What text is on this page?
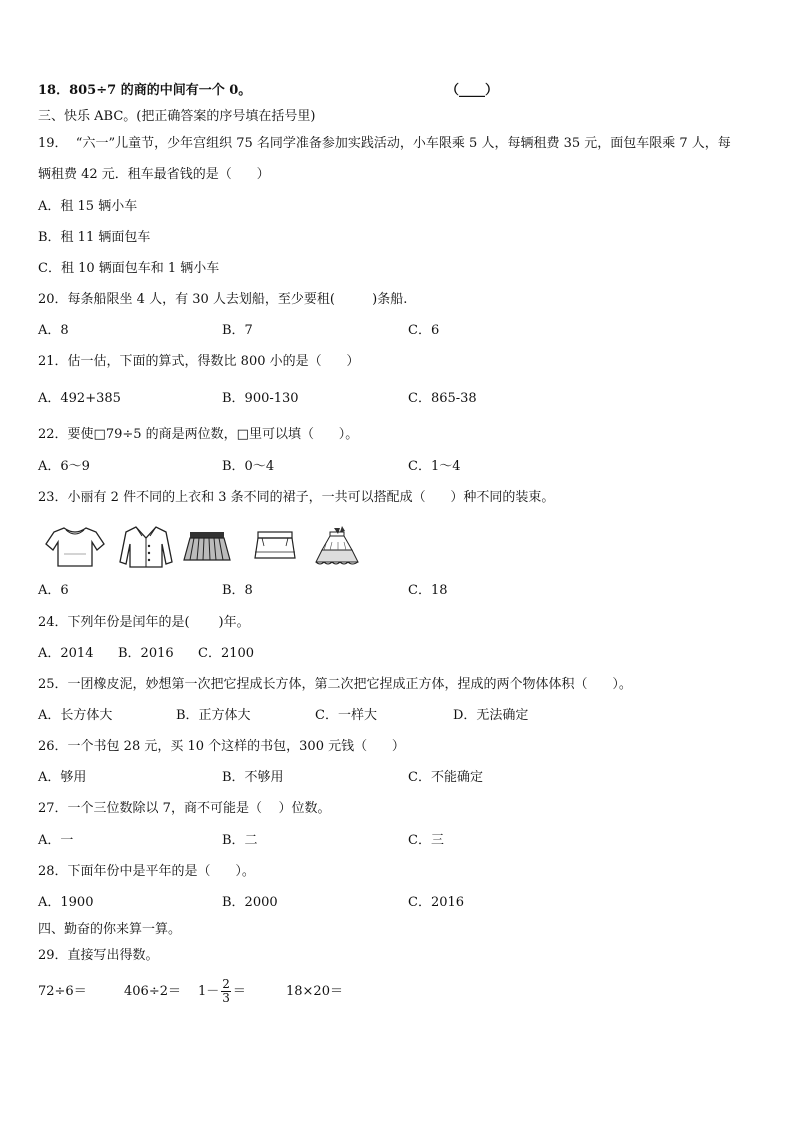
18．805÷7 的商的中间有一个 0。	（____）
三、快乐 ABC。(把正确答案的序号填在括号里)
19．  “六一”儿童节，少年宫组织 75 名同学准备参加实践活动，小车限乘 5 人，每辆租费 35 元，面包车限乘 7 人，每
辆租费 42 元．租车最省钱的是（      ）
A．租 15 辆小车
B．租 11 辆面包车
C．租 10 辆面包车和 1 辆小车
20．每条船限坐 4 人，有 30 人去划船，至少要租(         )条船.
A．8	B．7	C．6
21．估一估，下面的算式，得数比 800 小的是（      ）
A．492+385	B．900-130	C．865-38
22．要使□79÷5 的商是两位数，□里可以填（      ）。
A．6～9	B．0～4	C．1～4
23．小丽有 2 件不同的上衣和 3 条不同的裙子，一共可以搭配成（      ）种不同的装束。
A．6	B．8	C．18
24．下列年份是闰年的是(       )年。
A．2014 B．2016 C．2100
25．一团橡皮泥，妙想第一次把它捏成长方体，第二次把它捏成正方体，捏成的两个物体体积（      ）。
A．长方体大	B．正方体大	C．一样大	D．无法确定
26．一个书包 28 元，买 10 个这样的书包，300 元钱（      ）
A．够用	B．不够用	C．不能确定
27．一个三位数除以 7，商不可能是（    ）位数。
A．一	B．二	C．三
28．下面年份中是平年的是（      ）。
A．1900	B．2000	C．2016
四、勤奋的你来算一算。
29．直接写出得数。
72÷6＝	$406\div 2= 1- \frac{2}{3}$ ＝	18×20＝
